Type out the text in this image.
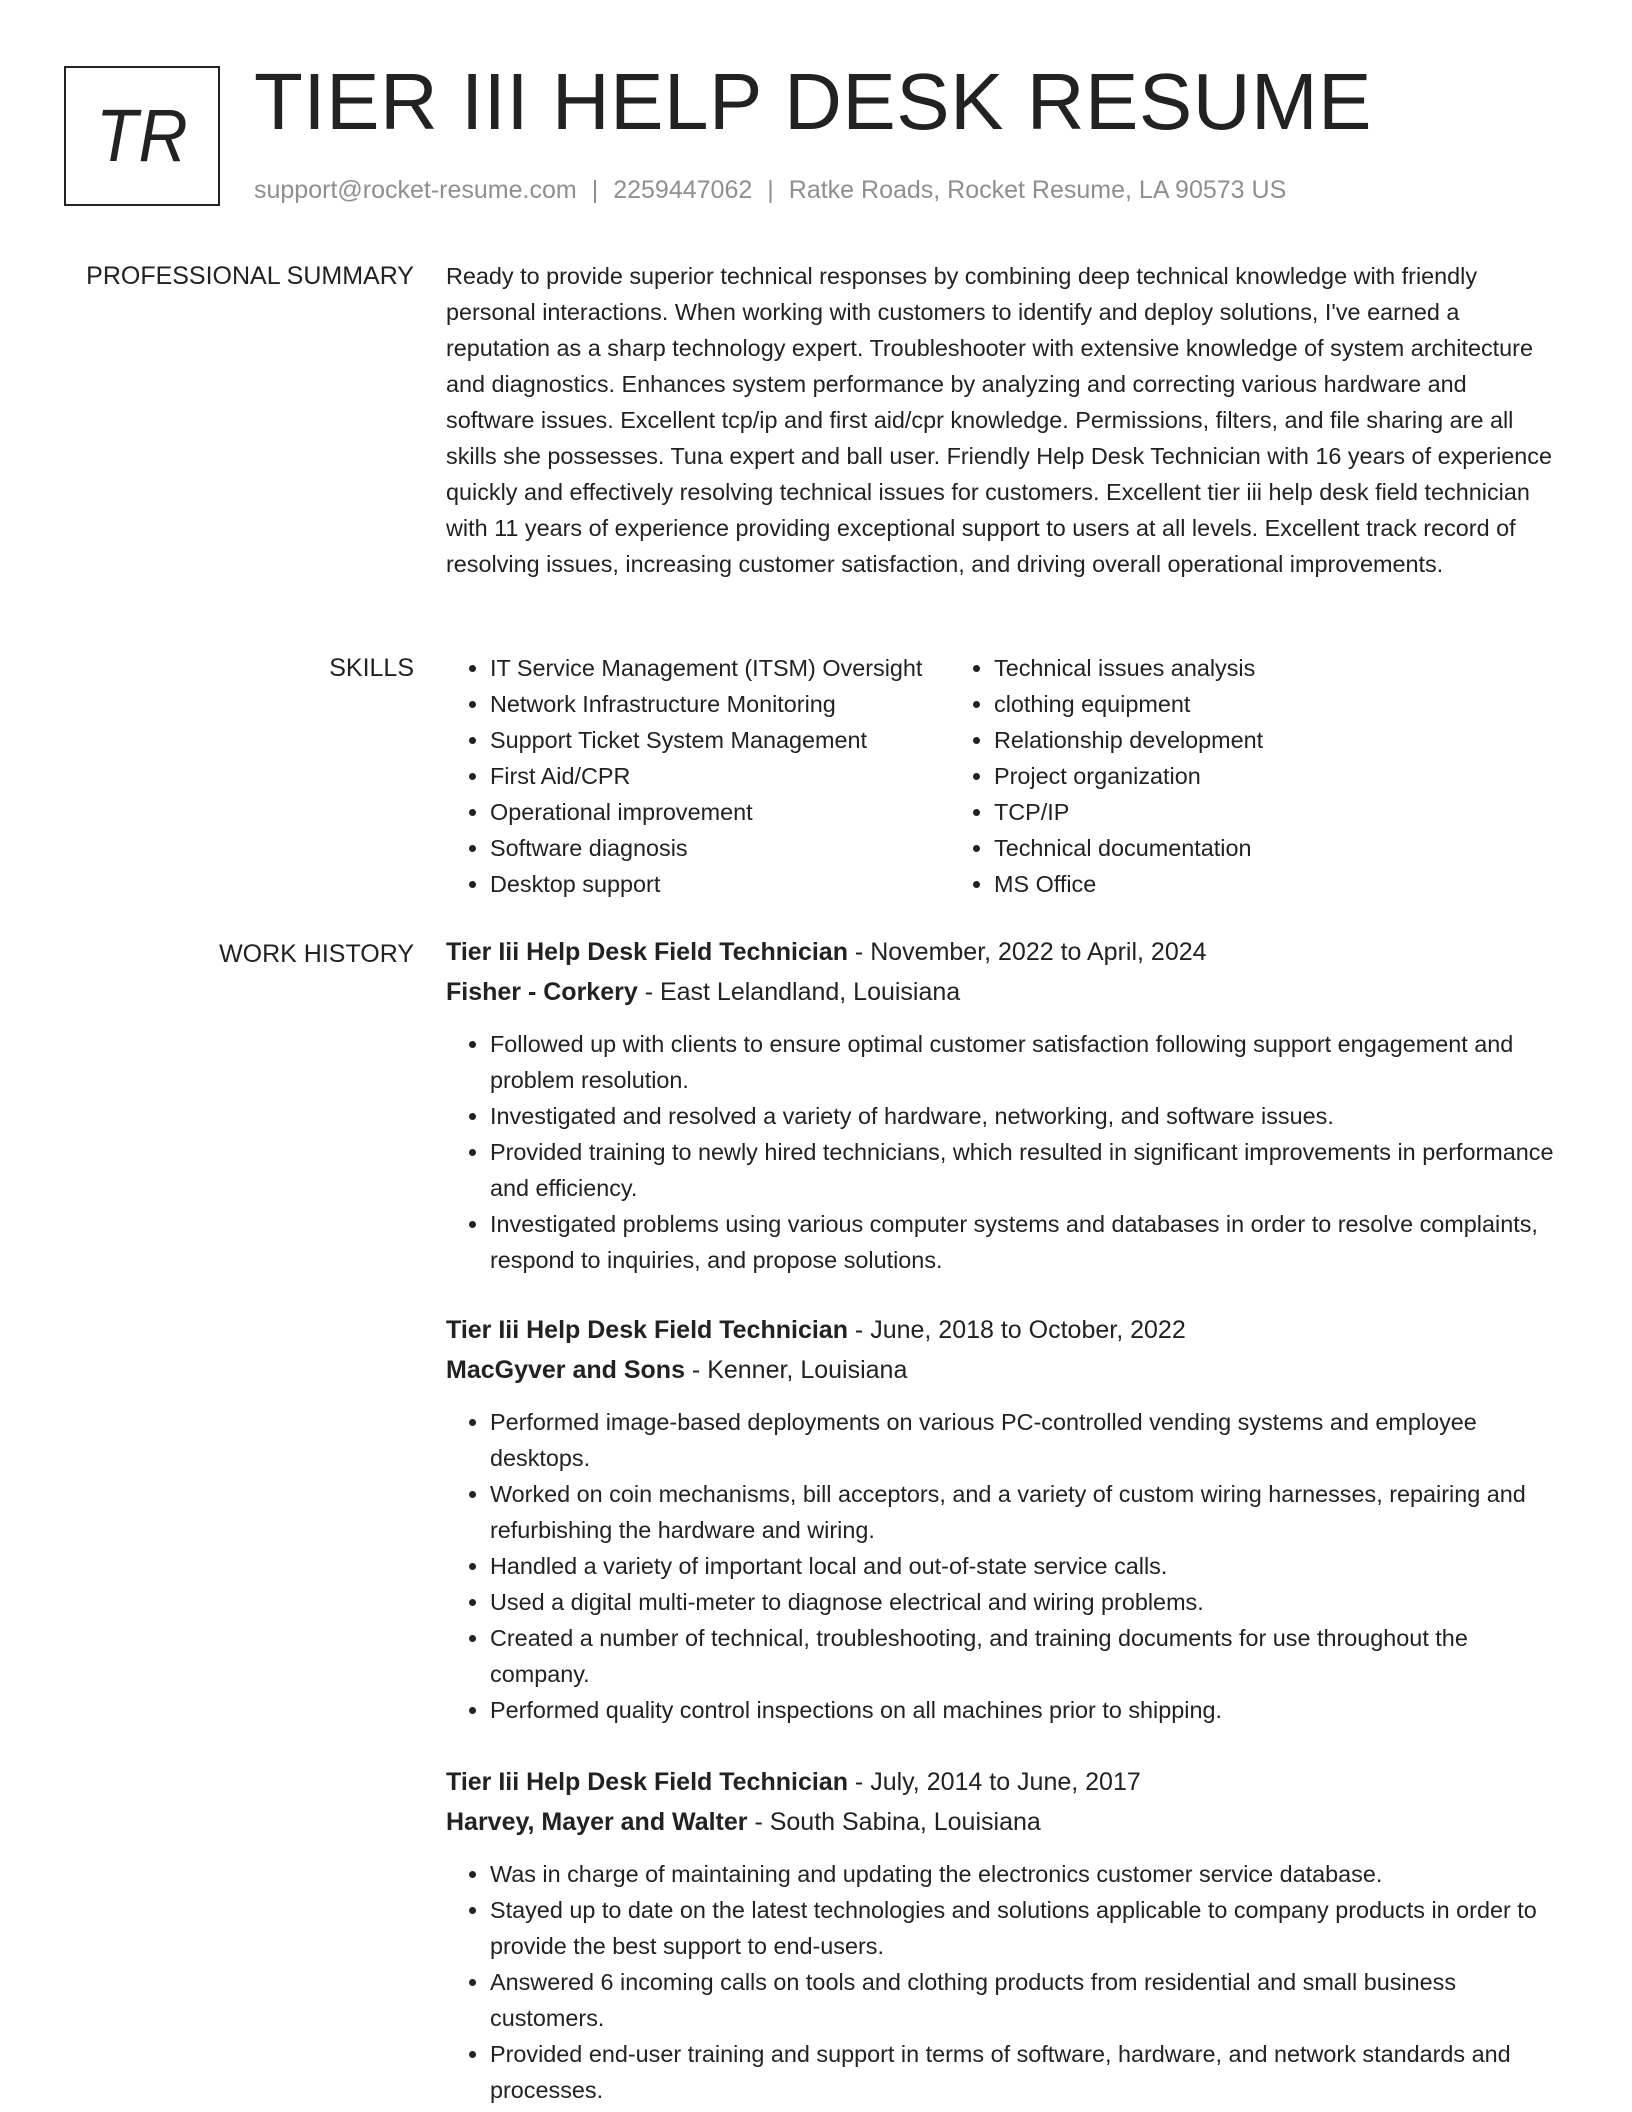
TR TIER III HELP DESK RESUME
support@rocket-resume.com | 2259447062 | Ratke Roads, Rocket Resume, LA 90573 US
PROFESSIONAL SUMMARY Ready to provide superior technical responses by combining deep technical knowledge with friendly personal interactions. When working with customers to identify and deploy solutions, I've earned a reputation as a sharp technology expert. Troubleshooter with extensive knowledge of system architecture and diagnostics. Enhances system performance by analyzing and correcting various hardware and software issues. Excellent tcp/ip and first aid/cpr knowledge. Permissions, filters, and file sharing are all skills she possesses. Tuna expert and ball user. Friendly Help Desk Technician with 16 years of experience quickly and effectively resolving technical issues for customers. Excellent tier iii help desk field technician with 11 years of experience providing exceptional support to users at all levels. Excellent track record of resolving issues, increasing customer satisfaction, and driving overall operational improvements.

SKILLS
•	IT Service Management (ITSM) Oversight
• Network Infrastructure Monitoring
• Support Ticket System Management
• First Aid/CPR
• Operational improvement
• Software diagnosis
• Desktop support
• Technical issues analysis
• clothing equipment
• Relationship development
• Project organization
• TCP/IP
• Technical documentation
• MS Office
WORK HISTORY Tier Iii Help Desk Field Technician - November, 2022 to April, 2024
Fisher - Corkery - East Lelandland, Louisiana
• Followed up with clients to ensure optimal customer satisfaction following support engagement and problem resolution.
• Investigated and resolved a variety of hardware, networking, and software issues.
• Provided training to newly hired technicians, which resulted in significant improvements in performance and efficiency.
• Investigated problems using various computer systems and databases in order to resolve complaints, respond to inquiries, and propose solutions.
Tier Iii Help Desk Field Technician - June, 2018 to October, 2022
MacGyver and Sons - Kenner, Louisiana
• Performed image-based deployments on various PC-controlled vending systems and employee desktops.
• Worked on coin mechanisms, bill acceptors, and a variety of custom wiring harnesses, repairing and refurbishing the hardware and wiring.
• Handled a variety of important local and out-of-state service calls.
• Used a digital multi-meter to diagnose electrical and wiring problems.
• Created a number of technical, troubleshooting, and training documents for use throughout the company.
• Performed quality control inspections on all machines prior to shipping.
Tier Iii Help Desk Field Technician - July, 2014 to June, 2017
Harvey, Mayer and Walter - South Sabina, Louisiana
• Was in charge of maintaining and updating the electronics customer service database.
• Stayed up to date on the latest technologies and solutions applicable to company products in order to provide the best support to end-users.
• Answered 6 incoming calls on tools and clothing products from residential and small business customers.
• Provided end-user training and support in terms of software, hardware, and network standards and processes.
